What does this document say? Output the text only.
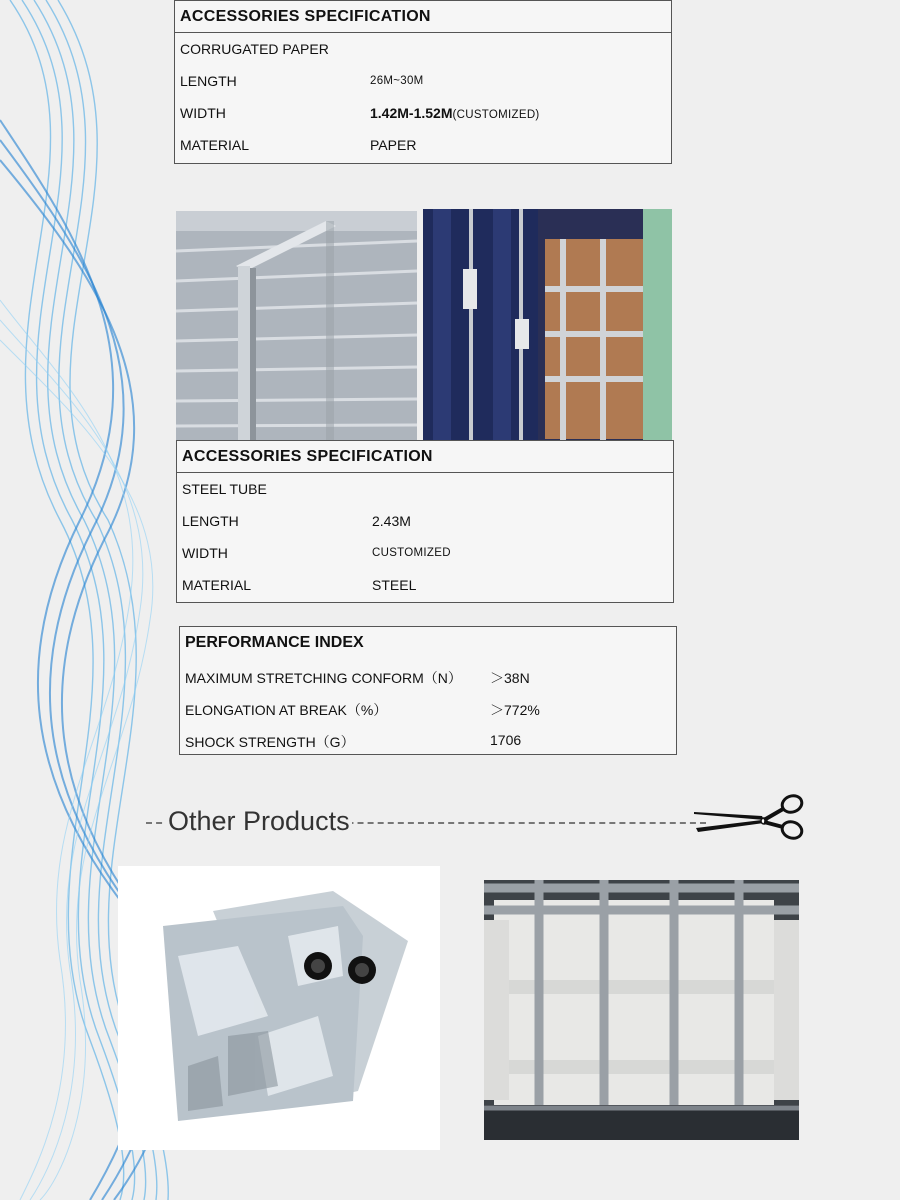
ACCESSORIES SPECIFICATION
CORRUGATED PAPER
LENGTH	26M~30M
WIDTH	1.42M-1.52M(CUSTOMIZED)
MATERIAL	PAPER
ACCESSORIES SPECIFICATION
STEEL TUBE
LENGTH	2.43M
WIDTH	CUSTOMIZED
MATERIAL	STEEL
PERFORMANCE INDEX
MAXIMUM STRETCHING CONFORM（N） ＞38N
ELONGATION AT BREAK（%）	＞772%
SHOCK STRENGTH（G）	1706
Other Products
